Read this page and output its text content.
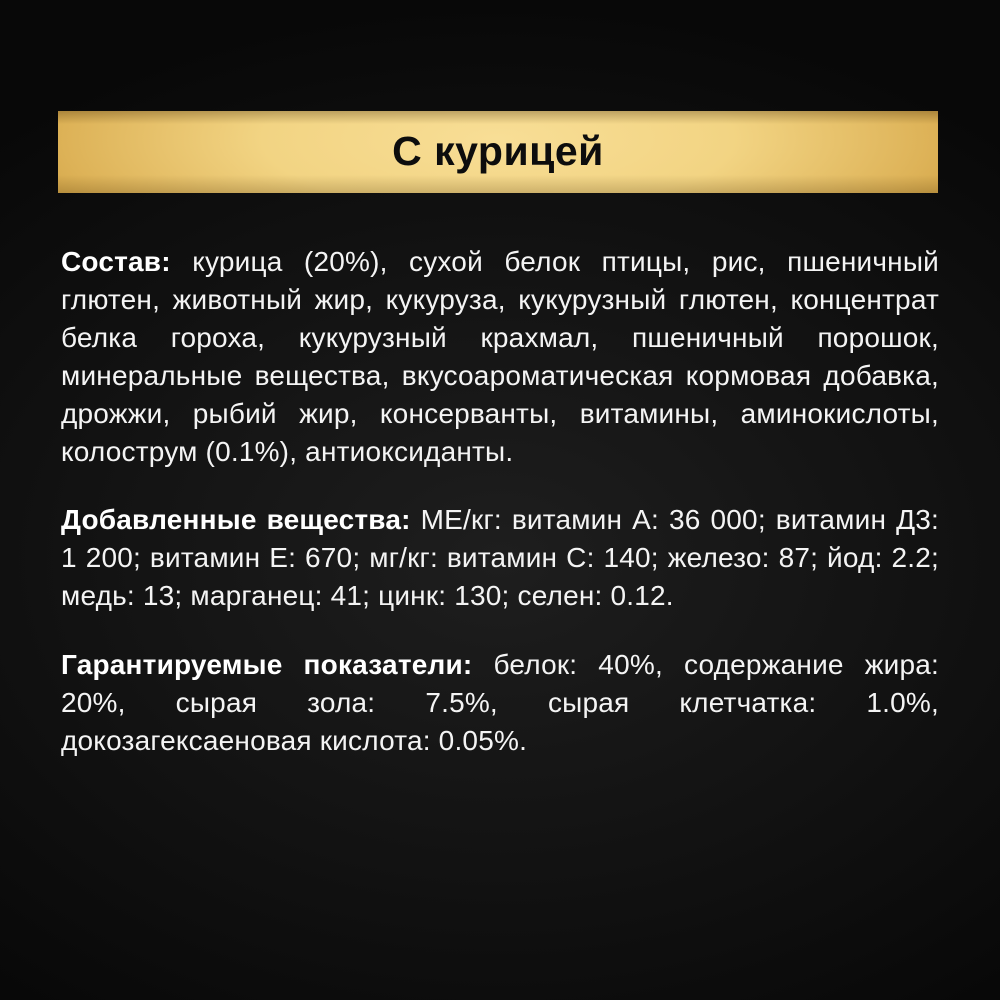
С курицей

Состав: курица (20%), сухой белок птицы, рис, пшеничный глютен, животный жир, кукуруза, кукурузный глютен, концентрат белка гороха, кукурузный крахмал, пшеничный порошок, минеральные вещества, вкусоароматическая кормовая добавка, дрожжи, рыбий жир, консерванты, витамины, аминокислоты, колострум (0.1%), антиоксиданты.

Добавленные вещества: МЕ/кг: витамин А: 36 000; витамин Д3: 1 200; витамин Е: 670; мг/кг: витамин С: 140; железо: 87; йод: 2.2; медь: 13; марганец: 41; цинк: 130; селен: 0.12.

Гарантируемые показатели: белок: 40%, содержание жира: 20%, сырая зола: 7.5%, сырая клетчатка: 1.0%, докозагексаеновая кислота: 0.05%.
